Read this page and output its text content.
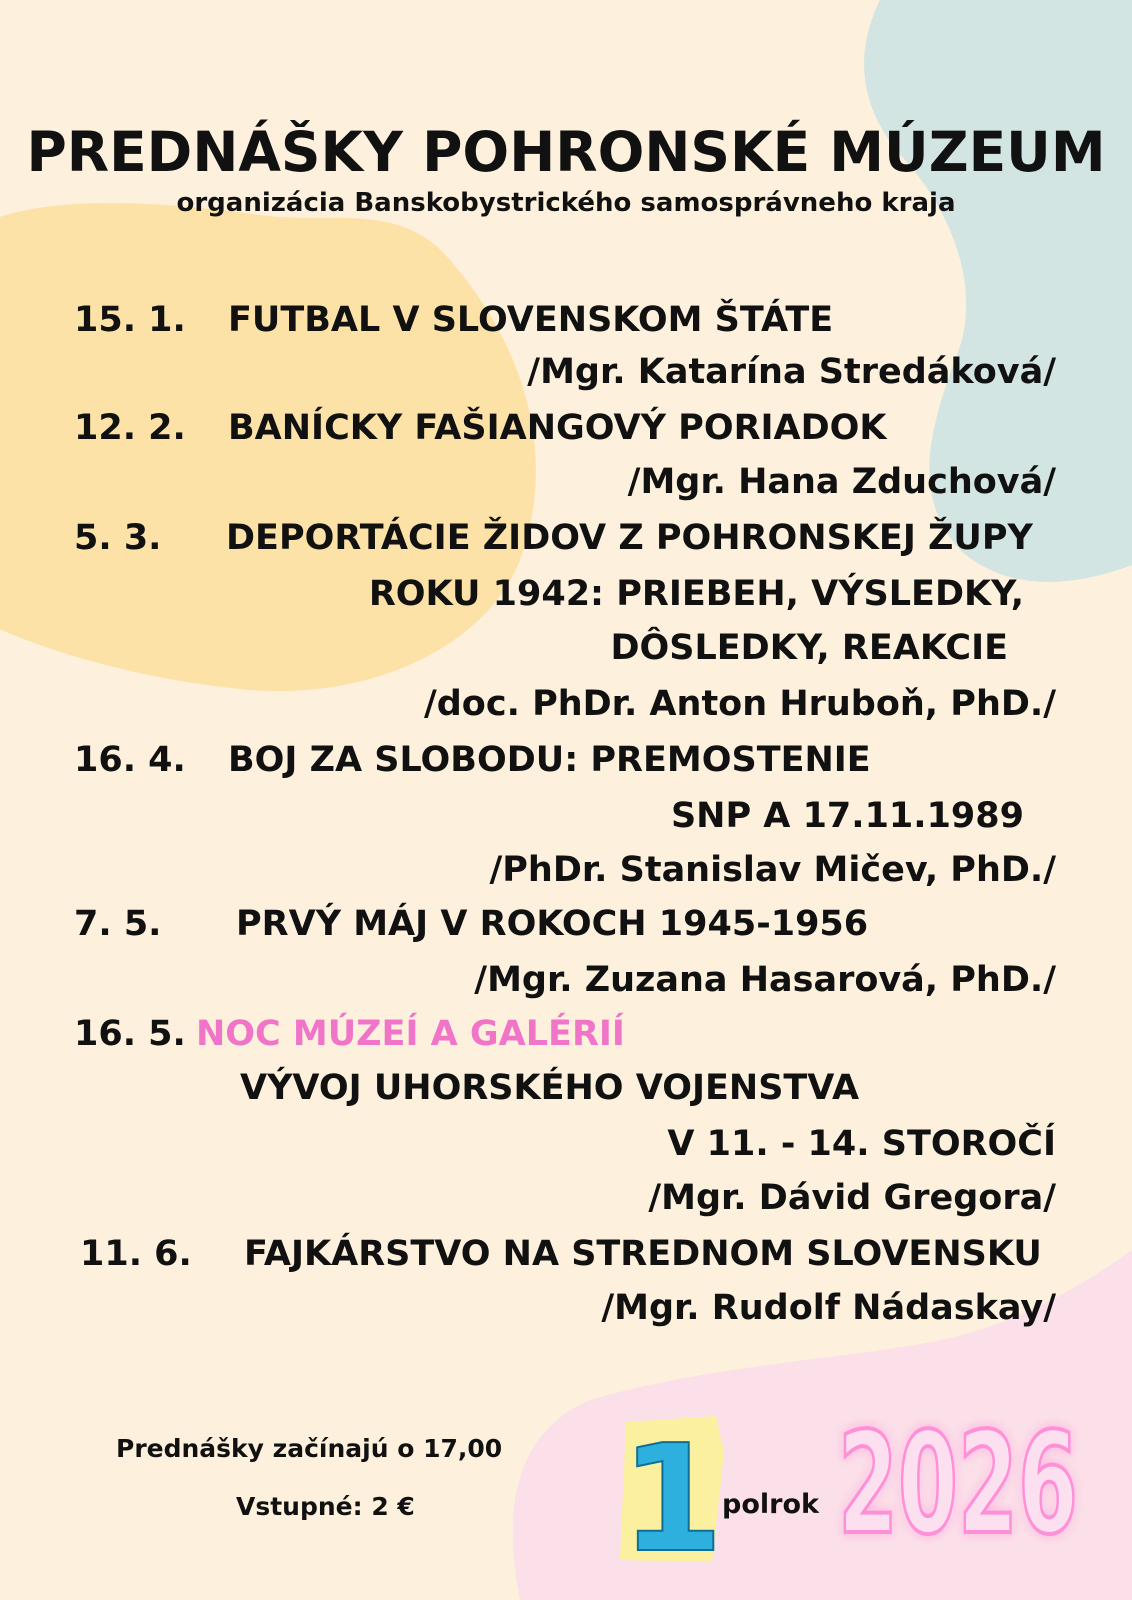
PREDNÁŠKY POHRONSKÉ MÚZEUM
organizácia Banskobystrického samosprávneho kraja
15. 1. FUTBAL V SLOVENSKOM ŠTÁTE
/Mgr. Katarína Stredáková/
12. 2. BANÍCKY FAŠIANGOVÝ PORIADOK
/Mgr. Hana Zduchová/
5. 3. DEPORTÁCIE ŽIDOV Z POHRONSKEJ ŽUPY
ROKU 1942: PRIEBEH, VÝSLEDKY,
DÔSLEDKY, REAKCIE
/doc. PhDr. Anton Hruboň, PhD./
16. 4. BOJ ZA SLOBODU: PREMOSTENIE
SNP A 17.11.1989
/PhDr. Stanislav Mičev, PhD./
7. 5. PRVÝ MÁJ V ROKOCH 1945-1956
/Mgr. Zuzana Hasarová, PhD./
16. 5. NOC MÚZEÍ A GALÉRIÍ
VÝVOJ UHORSKÉHO VOJENSTVA
V 11. - 14. STOROČÍ
/Mgr. Dávid Gregora/
11. 6. FAJKÁRSTVO NA STREDNOM SLOVENSKU
/Mgr. Rudolf Nádaskay/
Prednášky začínajú o 17,00
Vstupné: 2 € 1
polrok 2026
